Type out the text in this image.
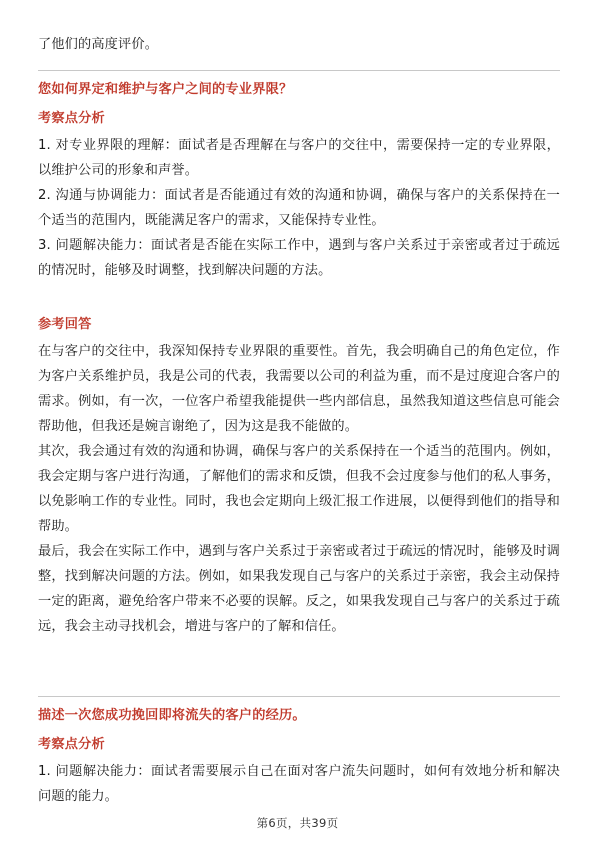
了他们的高度评价。

您如何界定和维护与客户之间的专业界限？
考察点分析

1. 对专业界限的理解：面试者是否理解在与客户的交往中，需要保持一定的专业界限，以维护公司的形象和声誉。

2. 沟通与协调能力：面试者是否能通过有效的沟通和协调，确保与客户的关系保持在一个适当的范围内，既能满足客户的需求，又能保持专业性。

3. 问题解决能力：面试者是否能在实际工作中，遇到与客户关系过于亲密或者过于疏远的情况时，能够及时调整，找到解决问题的方法。

参考回答

在与客户的交往中，我深知保持专业界限的重要性。首先，我会明确自己的角色定位，作为客户关系维护员，我是公司的代表，我需要以公司的利益为重，而不是过度迎合客户的需求。例如，有一次，一位客户希望我能提供一些内部信息，虽然我知道这些信息可能会帮助他，但我还是婉言谢绝了，因为这是我不能做的。

其次，我会通过有效的沟通和协调，确保与客户的关系保持在一个适当的范围内。例如，我会定期与客户进行沟通，了解他们的需求和反馈，但我不会过度参与他们的私人事务，以免影响工作的专业性。同时，我也会定期向上级汇报工作进展，以便得到他们的指导和帮助。

最后，我会在实际工作中，遇到与客户关系过于亲密或者过于疏远的情况时，能够及时调整，找到解决问题的方法。例如，如果我发现自己与客户的关系过于亲密，我会主动保持一定的距离，避免给客户带来不必要的误解。反之，如果我发现自己与客户的关系过于疏远，我会主动寻找机会，增进与客户的了解和信任。

描述一次您成功挽回即将流失的客户的经历。
考察点分析

1. 问题解决能力：面试者需要展示自己在面对客户流失问题时，如何有效地分析和解决问题的能力。

第6页，共39页
